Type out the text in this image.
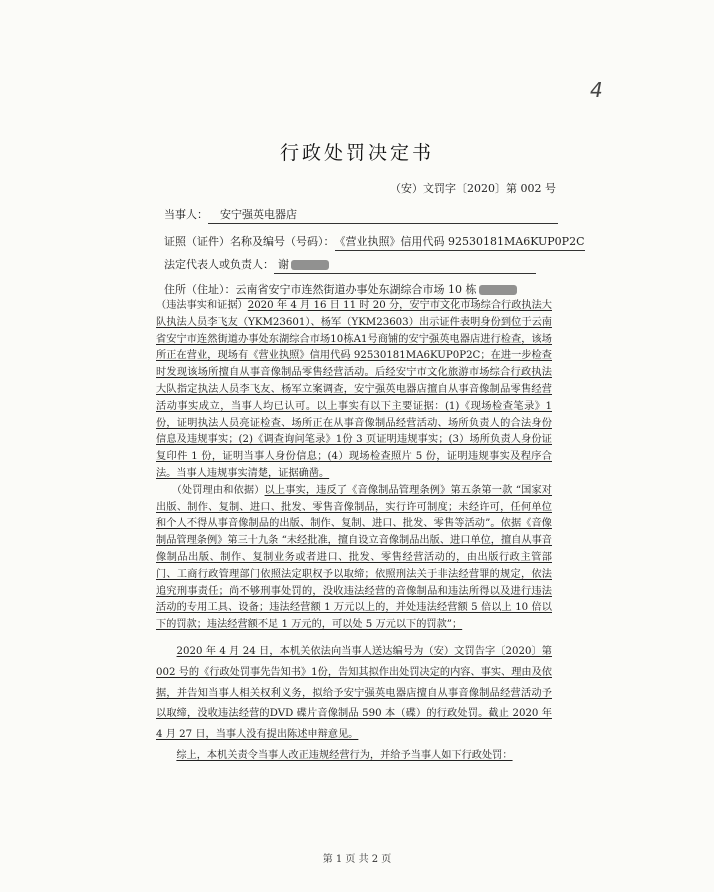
4
行政处罚决定书
（安）文罚字〔2020〕第 002 号
当事人： 安宁强英电器店
证照（证件）名称及编号（号码）：《营业执照》信用代码 92530181MA6KUP0P2C
法定代表人或负责人： 谢
住所（住址）：云南省安宁市连然街道办事处东湖综合市场 10 栋

（违法事实和证据）2020 年 4 月 16 日 11 时 20 分，安宁市文化市场综合行政执法大队执法人员李飞友（YKM23601）、杨军（YKM23603）出示证件表明身份到位于云南省安宁市连然街道办事处东湖综合市场10栋A1号商铺的安宁强英电器店进行检查，该场所正在营业，现场有《营业执照》信用代码 92530181MA6KUP0P2C；在进一步检查时发现该场所擅自从事音像制品零售经营活动。后经安宁市文化旅游市场综合行政执法大队指定执法人员李飞友、杨军立案调查，安宁强英电器店擅自从事音像制品零售经营活动事实成立，当事人均已认可。以上事实有以下主要证据：(1)《现场检查笔录》1份，证明执法人员亮证检查、场所正在从事音像制品经营活动、场所负责人的合法身份信息及违规事实；(2)《调查询问笔录》1份 3 页证明违规事实；(3）场所负责人身份证复印件 1 份，证明当事人身份信息；(4）现场检查照片 5 份，证明违规事实及程序合法。当事人违规事实清楚，证据确凿。

　　（处罚理由和依据）以上事实，违反了《音像制品管理条例》第五条第一款 “国家对出版、制作、复制、进口、批发、零售音像制品，实行许可制度；未经许可，任何单位和个人不得从事音像制品的出版、制作、复制、进口、批发、零售等活动”。依据《音像制品管理条例》第三十九条 “未经批准，擅自设立音像制品出版、进口单位，擅自从事音像制品出版、制作、复制业务或者进口、批发、零售经营活动的，由出版行政主管部门、工商行政管理部门依照法定职权予以取缔；依照刑法关于非法经营罪的规定，依法追究刑事责任；尚不够刑事处罚的，没收违法经营的音像制品和违法所得以及进行违法活动的专用工具、设备；违法经营额 1 万元以上的，并处违法经营额 5 倍以上 10 倍以下的罚款；违法经营额不足 1 万元的，可以处 5 万元以下的罚款”；

　　2020 年 4 月 24 日，本机关依法向当事人送达编号为（安）文罚告字〔2020〕第 002 号的《行政处罚事先告知书》1份，告知其拟作出处罚决定的内容、事实、理由及依据，并告知当事人相关权利义务，拟给予安宁强英电器店擅自从事音像制品经营活动予以取缔，没收违法经营的DVD 碟片音像制品 590 本（碟）的行政处罚。截止 2020 年 4 月 27 日，当事人没有提出陈述申辩意见。

　　综上，本机关责令当事人改正违规经营行为，并给予当事人如下行政处罚：

第 1 页 共 2 页
